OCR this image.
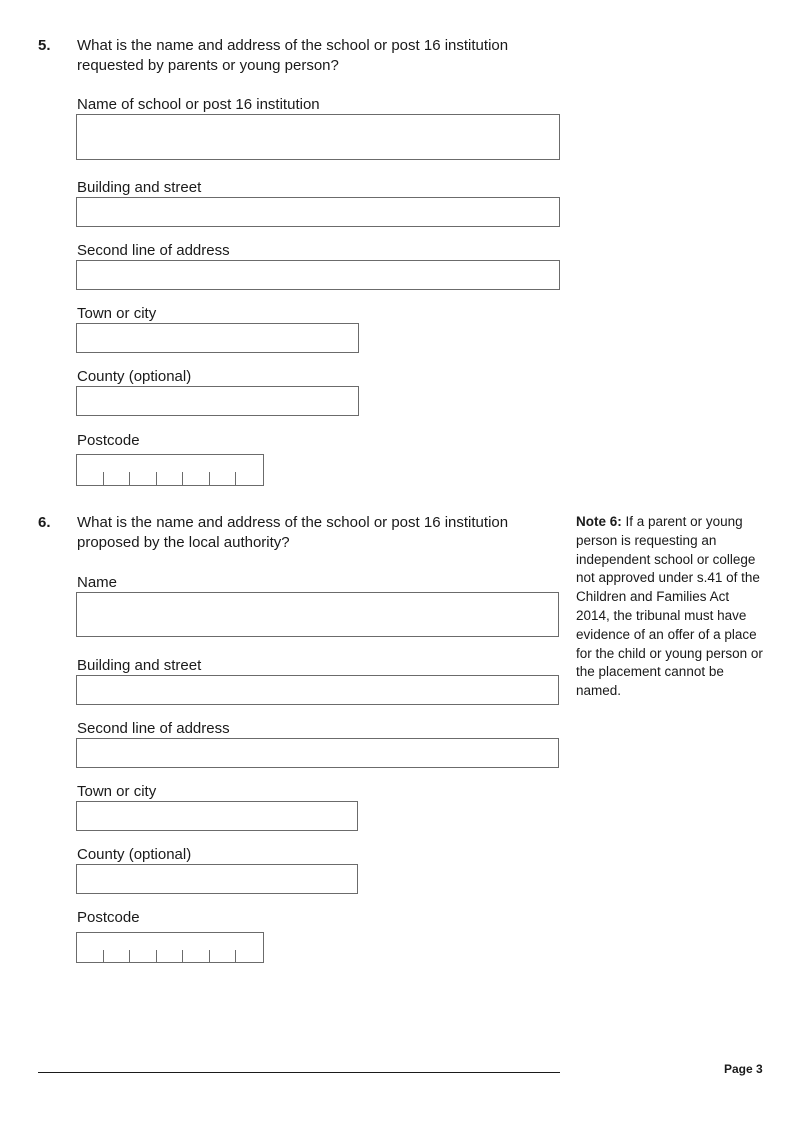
5. What is the name and address of the school or post 16 institution requested by parents or young person?
Name of school or post 16 institution
Building and street
Second line of address
Town or city
County (optional)
Postcode
6. What is the name and address of the school or post 16 institution proposed by the local authority?
Note 6: If a parent or young person is requesting an independent school or college not approved under s.41 of the Children and Families Act 2014, the tribunal must have evidence of an offer of a place for the child or young person or the placement cannot be named.
Name
Building and street
Second line of address
Town or city
County (optional)
Postcode
Page 3
